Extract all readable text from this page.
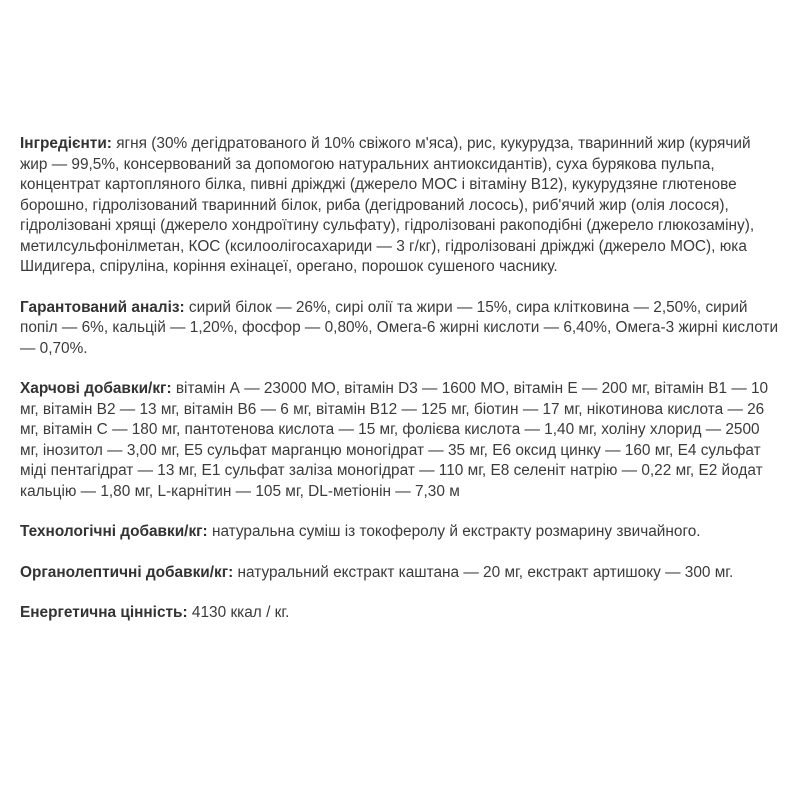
Інгредієнти: ягня (30% дегідратованого й 10% свіжого м'яса), рис, кукурудза, тваринний жир (курячий жир — 99,5%, консервований за допомогою натуральних антиоксидантів), суха бурякова пульпа, концентрат картопляного білка, пивні дріжджі (джерело МОС і вітаміну В12), кукурудзяне глютенове борошно, гідролізований тваринний білок, риба (дегідрований лосось), риб'ячий жир (олія лосося), гідролізовані хрящі (джерело хондроїтину сульфату), гідролізовані ракоподібні (джерело глюкозаміну), метилсульфонілметан, КОС (ксилоолігосахариди — 3 г/кг), гідролізовані дріжджі (джерело МОС), юка Шидигера, спіруліна, коріння ехінацеї, орегано, порошок сушеного часнику.

Гарантований аналіз: сирий білок — 26%, сирі олії та жири — 15%, сира клітковина — 2,50%, сирий попіл — 6%, кальцій — 1,20%, фосфор — 0,80%, Омега-6 жирні кислоти — 6,40%, Омега-3 жирні кислоти — 0,70%.

Харчові добавки/кг: вітамін А — 23000 МО, вітамін D3 — 1600 МО, вітамін Е — 200 мг, вітамін В1 — 10 мг, вітамін В2 — 13 мг, вітамін В6 — 6 мг, вітамін В12 — 125 мг, біотин — 17 мг, нікотинова кислота — 26 мг, вітамін С — 180 мг, пантотенова кислота — 15 мг, фолієва кислота — 1,40 мг, холіну хлорид — 2500 мг, інозитол — 3,00 мг, Е5 сульфат марганцю моногідрат — 35 мг, Е6 оксид цинку — 160 мг, Е4 сульфат міді пентагідрат — 13 мг, Е1 сульфат заліза моногідрат — 110 мг, Е8 селеніт натрію — 0,22 мг, Е2 йодат кальцію — 1,80 мг, L-карнітин — 105 мг, DL-метіонін — 7,30 м

Технологічні добавки/кг: натуральна суміш із токоферолу й екстракту розмарину звичайного.

Органолептичні добавки/кг: натуральний екстракт каштана — 20 мг, екстракт артишоку — 300 мг.

Енергетична цінність: 4130 ккал / кг.
